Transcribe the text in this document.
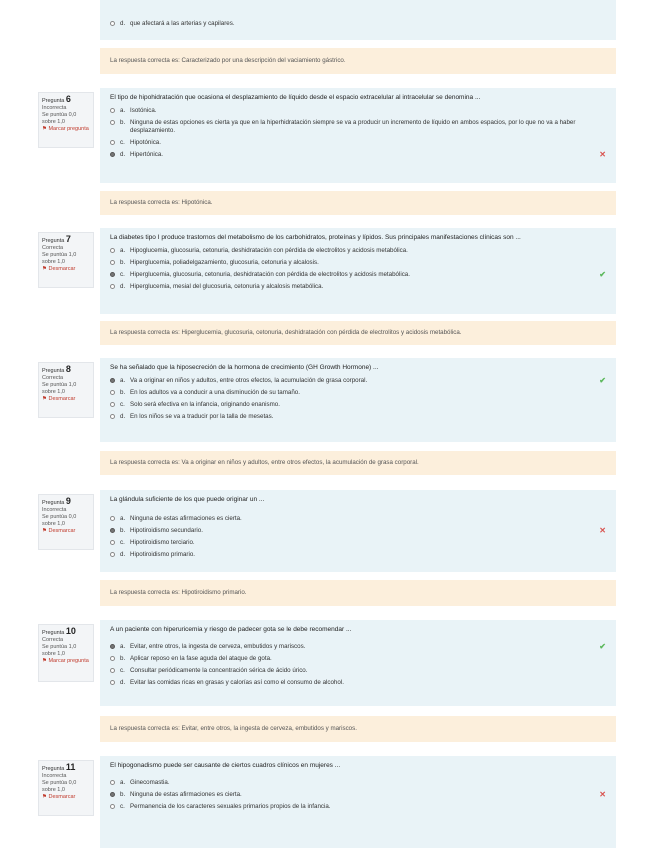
d. que afectará a las arterias y capilares.
La respuesta correcta es: Caracterizado por una descripción del vaciamiento gástrico.
Pregunta 6
Incorrecta
Se puntúa 0,0 sobre 1,0
⚑ Marcar pregunta
El tipo de hipohidratación que ocasiona el desplazamiento de líquido desde el espacio extracelular al intracelular se denomina ...
a. Isotónica.
b. Ninguna de estas opciones es cierta ya que en la hiperhidratación siempre se va a producir un incremento de líquido en ambos espacios, por lo que no va a haber desplazamiento.
c. Hipotónica.
d. Hipertónica.	✕
La respuesta correcta es: Hipotónica.
Pregunta 7
Correcta
Se puntúa 1,0 sobre 1,0
⚑ Desmarcar
La diabetes tipo I produce trastornos del metabolismo de los carbohidratos, proteínas y lípidos. Sus principales manifestaciones clínicas son ...
a. Hipoglucemia, glucosuria, cetonuria, deshidratación con pérdida de electrolitos y acidosis metabólica.
b. Hiperglucemia, poliadelgazamiento, glucosuria, cetonuria y alcalosis.
c. Hiperglucemia, glucosuria, cetonuria, deshidratación con pérdida de electrolitos y acidosis metabólica.	✔
d. Hiperglucemia, mesial del glucosuria, cetonuria y alcalosis metabólica.
La respuesta correcta es: Hiperglucemia, glucosuria, cetonuria, deshidratación con pérdida de electrolitos y acidosis metabólica.
Pregunta 8
Correcta
Se puntúa 1,0 sobre 1,0
⚑ Desmarcar
Se ha señalado que la hiposecreción de la hormona de crecimiento (GH Growth Hormone) ...
a. Va a originar en niños y adultos, entre otros efectos, la acumulación de grasa corporal.	✔
b. En los adultos va a conducir a una disminución de su tamaño.
c. Solo será efectiva en la infancia, originando enanismo.
d. En los niños se va a traducir por la talla de mesetas.
La respuesta correcta es: Va a originar en niños y adultos, entre otros efectos, la acumulación de grasa corporal.
Pregunta 9
Incorrecta
Se puntúa 0,0 sobre 1,0
⚑ Desmarcar
La glándula suficiente de los que puede originar un ...
a. Ninguna de estas afirmaciones es cierta.
b. Hipotiroidismo secundario.	✕
c. Hipotiroidismo terciario.
d. Hipotiroidismo primario.
La respuesta correcta es: Hipotiroidismo primario.
Pregunta 10
Correcta
Se puntúa 1,0 sobre 1,0
⚑ Marcar pregunta
A un paciente con hiperuricemia y riesgo de padecer gota se le debe recomendar ...
a. Evitar, entre otros, la ingesta de cerveza, embutidos y mariscos.	✔
b. Aplicar reposo en la fase aguda del ataque de gota.
c. Consultar periódicamente la concentración sérica de ácido úrico.
d. Evitar las comidas ricas en grasas y calorías así como el consumo de alcohol.
La respuesta correcta es: Evitar, entre otros, la ingesta de cerveza, embutidos y mariscos.
Pregunta 11
Incorrecta
Se puntúa 0,0 sobre 1,0
⚑ Desmarcar
El hipogonadismo puede ser causante de ciertos cuadros clínicos en mujeres ...
a. Ginecomastia.
b. Ninguna de estas afirmaciones es cierta.	✕
c. Permanencia de los caracteres sexuales primarios propios de la infancia.
